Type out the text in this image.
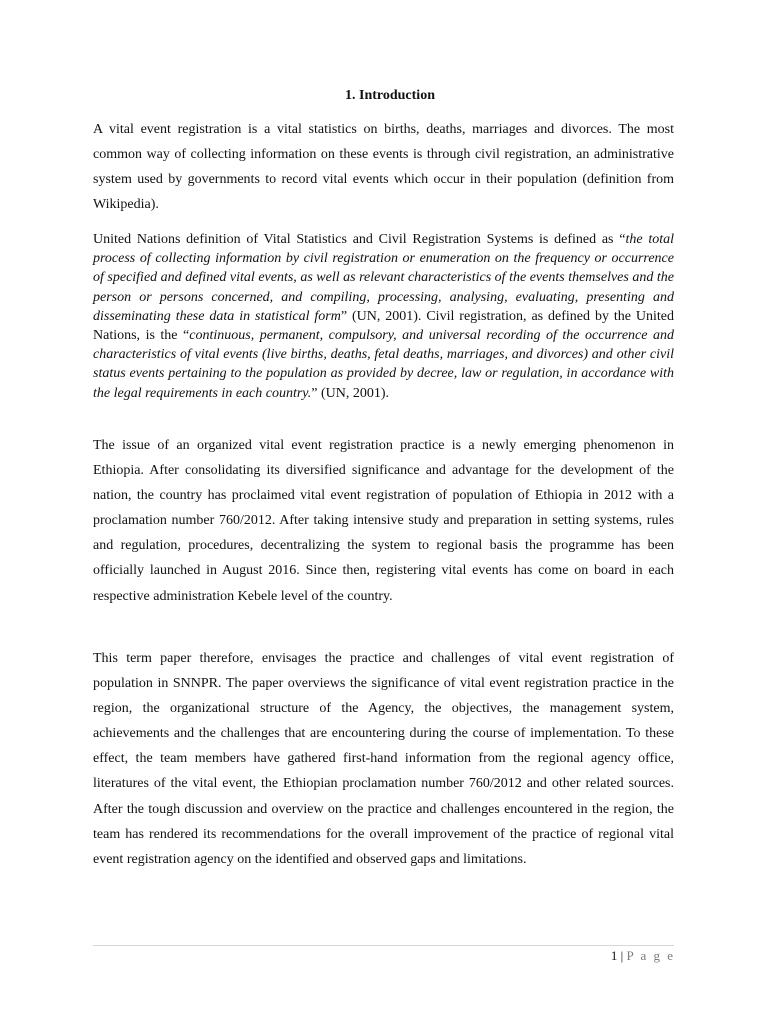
1. Introduction

A vital event registration is a vital statistics on births, deaths, marriages and divorces. The most common way of collecting information on these events is through civil registration, an administrative system used by governments to record vital events which occur in their population (definition from Wikipedia).

United Nations definition of Vital Statistics and Civil Registration Systems is defined as “the total process of collecting information by civil registration or enumeration on the frequency or occurrence of specified and defined vital events, as well as relevant characteristics of the events themselves and the person or persons concerned, and compiling, processing, analysing, evaluating, presenting and disseminating these data in statistical form” (UN, 2001). Civil registration, as defined by the United Nations, is the “continuous, permanent, compulsory, and universal recording of the occurrence and characteristics of vital events (live births, deaths, fetal deaths, marriages, and divorces) and other civil status events pertaining to the population as provided by decree, law or regulation, in accordance with the legal requirements in each country.” (UN, 2001).

The issue of an organized vital event registration practice is a newly emerging phenomenon in Ethiopia. After consolidating its diversified significance and advantage for the development of the nation, the country has proclaimed vital event registration of population of Ethiopia in 2012 with a proclamation number 760/2012. After taking intensive study and preparation in setting systems, rules and regulation, procedures, decentralizing the system to regional basis the programme has been officially launched in August 2016. Since then, registering vital events has come on board in each respective administration Kebele level of the country.

This term paper therefore, envisages the practice and challenges of vital event registration of population in SNNPR. The paper overviews the significance of vital event registration practice in the region, the organizational structure of the Agency, the objectives, the management system, achievements and the challenges that are encountering during the course of implementation. To these effect, the team members have gathered first-hand information from the regional agency office, literatures of the vital event, the Ethiopian proclamation number 760/2012 and other related sources. After the tough discussion and overview on the practice and challenges encountered in the region, the team has rendered its recommendations for the overall improvement of the practice of regional vital event registration agency on the identified and observed gaps and limitations.

1 | P a g e
